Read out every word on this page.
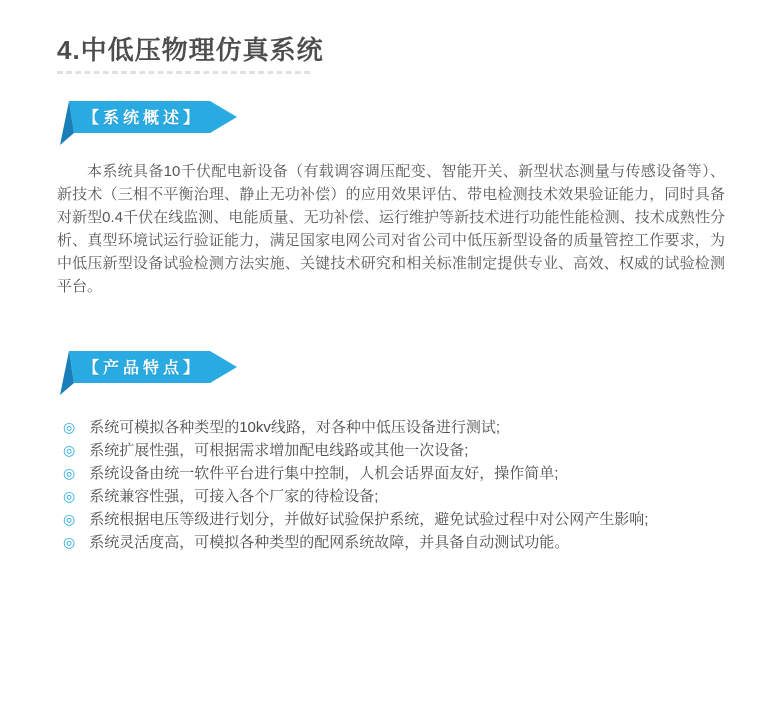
4.中低压物理仿真系统
【系统概述】

本系统具备10千伏配电新设备（有载调容调压配变、智能开关、新型状态测量与传感设备等）、新技术（三相不平衡治理、静止无功补偿）的应用效果评估、带电检测技术效果验证能力，同时具备对新型0.4千伏在线监测、电能质量、无功补偿、运行维护等新技术进行功能性能检测、技术成熟性分析、真型环境试运行验证能力，满足国家电网公司对省公司中低压新型设备的质量管控工作要求，为中低压新型设备试验检测方法实施、关键技术研究和相关标准制定提供专业、高效、权威的试验检测平台。

【产品特点】
◎ 系统可模拟各种类型的10kv线路，对各种中低压设备进行测试;
◎ 系统扩展性强，可根据需求增加配电线路或其他一次设备;
◎ 系统设备由统一软件平台进行集中控制，人机会话界面友好，操作简单;
◎ 系统兼容性强，可接入各个厂家的待检设备;
◎ 系统根据电压等级进行划分，并做好试验保护系统，避免试验过程中对公网产生影响;
◎ 系统灵活度高，可模拟各种类型的配网系统故障，并具备自动测试功能。
